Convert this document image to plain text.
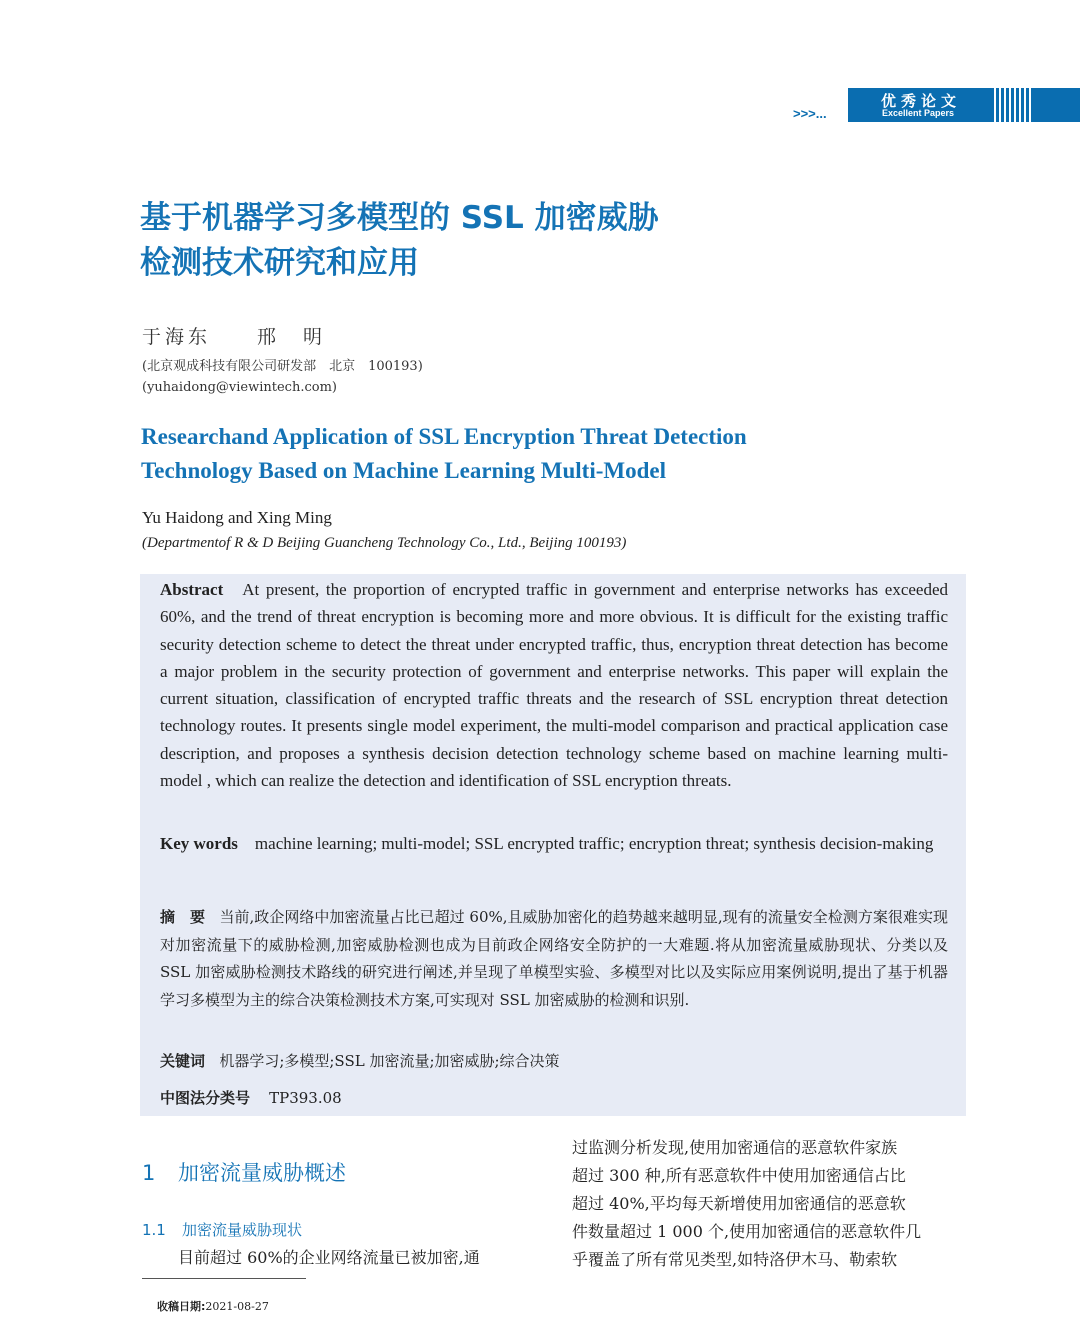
优秀论文
Excellent Papers
>>>...
基于机器学习多模型的 SSL 加密威胁
检测技术研究和应用
于海东　　邢　明
(北京观成科技有限公司研发部　北京　100193)
(yuhaidong@viewintech.com)
Researchand Application of SSL Encryption Threat Detection
Technology Based on Machine Learning Multi-Model
Yu Haidong and Xing Ming
(Departmentof R & D Beijing Guancheng Technology Co., Ltd., Beijing 100193)
Abstract At present, the proportion of encrypted traffic in government and enterprise networks has exceeded 60%, and the trend of threat encryption is becoming more and more obvious. It is difficult for the existing traffic security detection scheme to detect the threat under encrypted traffic, thus, encryption threat detection has become a major problem in the security protection of government and enterprise networks. This paper will explain the current situation, classification of encrypted traffic threats and the research of SSL encryption threat detection technology routes. It presents single model experiment, the multi-model comparison and practical application case description, and proposes a synthesis decision detection technology scheme based on machine learning multi-model , which can realize the detection and identification of SSL encryption threats.
Key words machine learning; multi-model; SSL encrypted traffic; encryption threat; synthesis decision-making
摘　要 当前,政企网络中加密流量占比已超过 60%,且威胁加密化的趋势越来越明显,现有的流量安全检测方案很难实现对加密流量下的威胁检测,加密威胁检测也成为目前政企网络安全防护的一大难题.将从加密流量威胁现状、分类以及 SSL 加密威胁检测技术路线的研究进行阐述,并呈现了单模型实验、多模型对比以及实际应用案例说明,提出了基于机器学习多模型为主的综合决策检测技术方案,可实现对 SSL 加密威胁的检测和识别.
关键词 机器学习;多模型;SSL 加密流量;加密威胁;综合决策
中图法分类号 TP393.08
1 加密流量威胁概述
1.1 加密流量威胁现状
目前超过 60%的企业网络流量已被加密,通
过监测分析发现,使用加密通信的恶意软件家族
超过 300 种,所有恶意软件中使用加密通信占比
超过 40%,平均每天新增使用加密通信的恶意软
件数量超过 1 000 个,使用加密通信的恶意软件几
乎覆盖了所有常见类型,如特洛伊木马、勒索软
收稿日期:2021-08-27
